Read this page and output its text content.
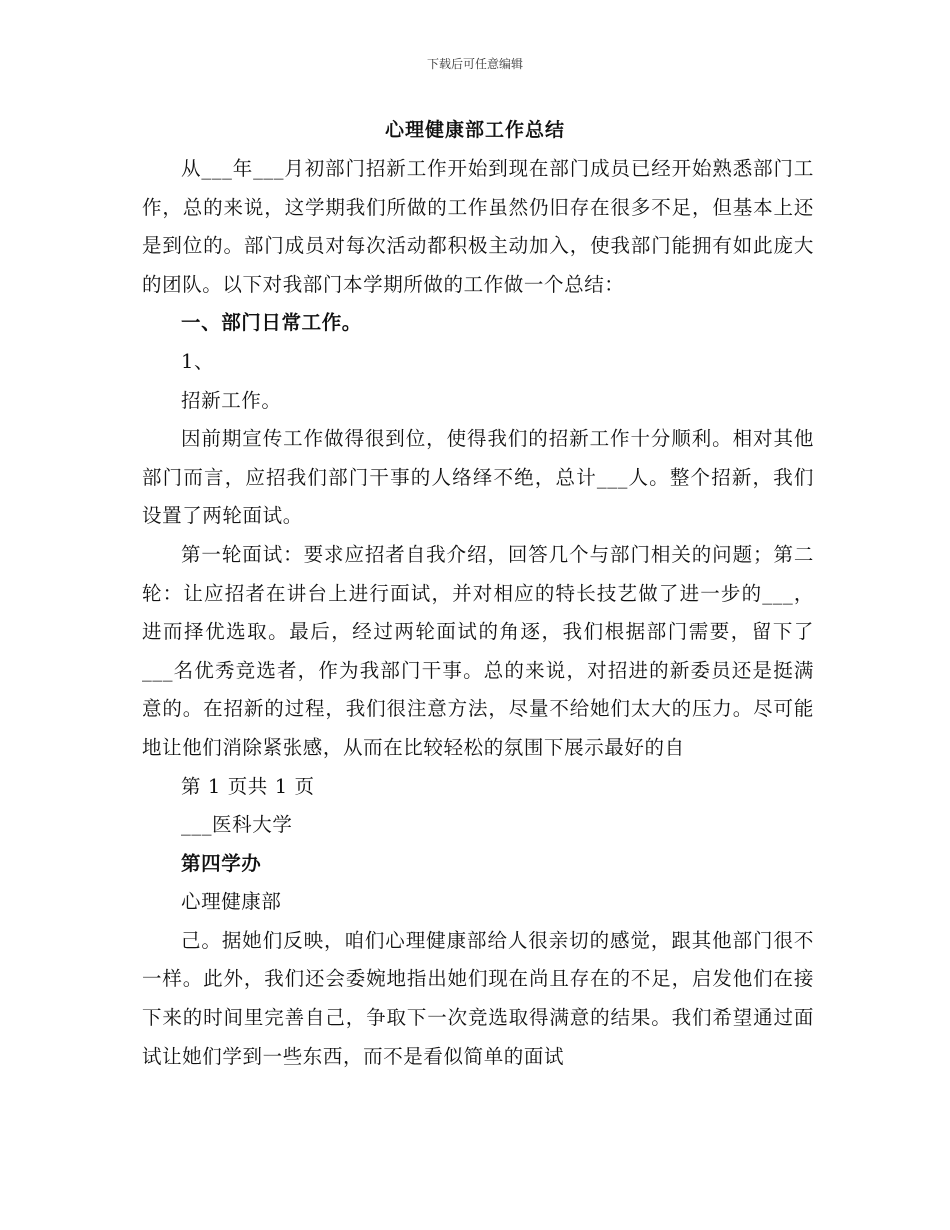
下载后可任意编辑
心理健康部工作总结

从___年___月初部门招新工作开始到现在部门成员已经开始熟悉部门工作，总的来说，这学期我们所做的工作虽然仍旧存在很多不足，但基本上还是到位的。部门成员对每次活动都积极主动加入，使我部门能拥有如此庞大的团队。以下对我部门本学期所做的工作做一个总结：

一、部门日常工作。

1、

招新工作。

因前期宣传工作做得很到位，使得我们的招新工作十分顺利。相对其他部门而言，应招我们部门干事的人络绎不绝，总计___人。整个招新，我们设置了两轮面试。

第一轮面试：要求应招者自我介绍，回答几个与部门相关的问题；第二轮：让应招者在讲台上进行面试，并对相应的特长技艺做了进一步的___，进而择优选取。最后，经过两轮面试的角逐，我们根据部门需要，留下了___名优秀竞选者，作为我部门干事。总的来说，对招进的新委员还是挺满意的。在招新的过程，我们很注意方法，尽量不给她们太大的压力。尽可能地让他们消除紧张感，从而在比较轻松的氛围下展示最好的自

第 1 页共 1 页

___医科大学

第四学办

心理健康部

己。据她们反映，咱们心理健康部给人很亲切的感觉，跟其他部门很不一样。此外，我们还会委婉地指出她们现在尚且存在的不足，启发他们在接下来的时间里完善自己，争取下一次竞选取得满意的结果。我们希望通过面试让她们学到一些东西，而不是看似简单的面试
